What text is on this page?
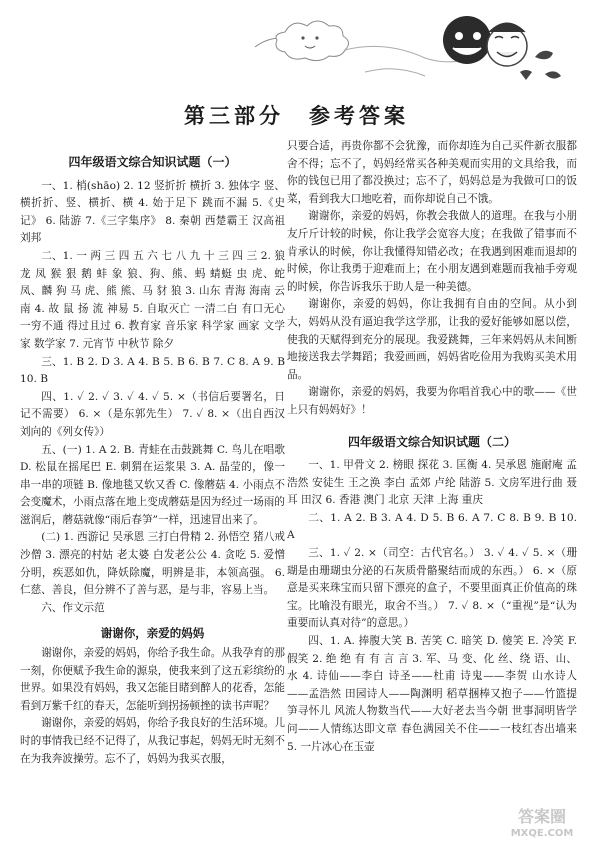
第三部分　参考答案
四年级语文综合知识试题（一）

一、1. 梢(shāo) 2. 12 竖折折 横折 3. 独体字 竖、横折折、竖、横折、横 4. 始于足下 跳而不漏 5.《史记》 6. 陆游 7.《三字集序》 8. 秦朝 西楚霸王 汉高祖刘邦

二、1. 一 两 三 四 五 六 七 八 九 十 三 四 三 2. 狼 龙 凤 猴 狠 鹅 蚌 象 狼、狗、熊、蚂 蜻蜓 虫 虎、蛇 凤、麟 狗 马 虎、熊 熊、马 豺 狼 3. 山东 青海 海南 云南 4. 故 鼠 扬 流 神易 5. 自取灭亡 一清二白 有口无心 一穷不通 得过且过 6. 教育家 音乐家 科学家 画家 文学家 数学家 7. 元宵节 中秋节 除夕

三、1. B 2. D 3. A 4. B 5. B 6. B 7. C 8. A 9. B 10. B

四、1. ✓ 2. ✓ 3. ✓ 4. ✓ 5. ×（书信后要署名，日记不需要） 6. ×（是东郭先生） 7. ✓ 8. ×（出自西汉刘向的《列女传》）

五、(一) 1. A 2. B. 青蛙在击鼓跳舞 C. 鸟儿在唱歌 D. 松鼠在摇尾巴 E. 刺猬在运浆果 3. A. 晶莹的，像一串一串的项链 B. 像地毯又软又香 C. 像蘑菇 4. 小雨点不会变魔术，小雨点落在地上变成蘑菇是因为经过一场雨的滋润后，蘑菇就像“雨后春笋”一样，迅速冒出来了。

(二) 1. 西游记 吴承恩 三打白骨精 2. 孙悟空 猪八戒 沙僧 3. 漂亮的村姑 老太婆 白发老公公 4. 贪吃 5. 爱憎分明，疾恶如仇，降妖除魔，明辨是非，本领高强。 6. 仁慈、善良，但分辨不了善与恶，是与非，容易上当。

六、作文示范

谢谢你，亲爱的妈妈

谢谢你，亲爱的妈妈，你给予我生命。从我孕育的那一刻，你便赋予我生命的源泉，使我来到了这五彩缤纷的世界。如果没有妈妈，我又怎能目睹到醉人的花香，怎能看到万紫千红的春天，怎能听到拐扬顿挫的读书声呢？

谢谢你，亲爱的妈妈，你给予我良好的生活环境。儿时的事情我已经不记得了，从我记事起，妈妈无时无刻不在为我奔波操劳。忘不了，妈妈为我买衣服，

只要合适，再贵你都不会犹豫，而你却连为自己买件新衣服都舍不得；忘不了，妈妈经常买各种美观而实用的文具给我，而你的钱包已用了都没换过；忘不了，妈妈总是为我做可口的饭菜，看到我大口地吃着，而你却说自己不饿。

谢谢你，亲爱的妈妈，你教会我做人的道理。在我与小朋友斤斤计较的时候，你让我学会宽容大度；在我做了错事而不肯承认的时候，你让我懂得知错必改；在我遇到困难而退却的时候，你让我勇于迎难而上；在小朋友遇到难题而我袖手旁观的时候，你告诉我乐于助人是一种美德。

谢谢你，亲爱的妈妈，你让我拥有自由的空间。从小到大，妈妈从没有逼迫我学这学那，让我的爱好能够如愿以偿，使我的天赋得到充分的展现。我爱跳舞，三年来妈妈从未间断地接送我去学舞蹈；我爱画画，妈妈省吃俭用为我购买美术用品。

谢谢你，亲爱的妈妈，我要为你唱首我心中的歌——《世上只有妈妈好》！

四年级语文综合知识试题（二）

一、1. 甲骨文 2. 榜眼 探花 3. 匡衡 4. 吴承恩 施耐庵 孟浩然 安徒生 王之涣 李白 孟郊 卢纶 陆游 5. 文房军进行曲 聂耳 田汉 6. 香港 澳门 北京 天津 上海 重庆

二、1. A 2. B 3. A 4. D 5. B 6. A 7. C 8. B 9. B 10. A

三、1. ✓ 2. ×（司空：古代官名。） 3. ✓ 4. ✓ 5. ×（珊瑚是由珊瑚虫分泌的石灰质骨骼聚结而成的东西。） 6. ×（原意是买来珠宝而只留下漂亮的盒子，不要里面真正价值高的珠宝。比喻没有眼光，取舍不当。） 7. ✓ 8. ×（“重视”是“认为重要而认真对待”的意思。）

四、1. A. 捧腹大笑 B. 苦笑 C. 暗笑 D. 傻笑 E. 冷笑 F. 假笑 2. 绝 绝 有 有 言 言 3. 军、马 变、化 丝、绕 语、山、水 4. 诗仙——李白 诗圣——杜甫 诗鬼——李贺 山水诗人——孟浩然 田园诗人——陶渊明 稻草捆棒又抱子——竹篮提笋寻怀儿 风流人物数当代——大好老去当今朝 世事洞明皆学问——人情练达即文章 春色满园关不住——一枝红杏出墙来 5. 一片冰心在玉壶

答案圈
MXQE.COM
